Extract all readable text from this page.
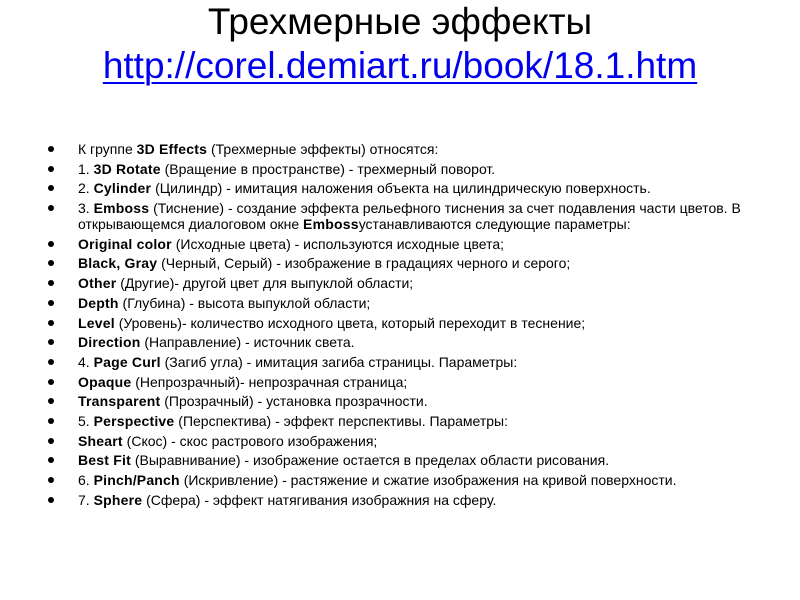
Трехмерные эффекты
http://corel.demiart.ru/book/18.1.htm
К группе 3D Effects (Трехмерные эффекты) относятся:
1. 3D Rotate (Вращение в пространстве) - трехмерный поворот.
2. Cylinder (Цилиндр) - имитация наложения объекта на цилиндрическую поверхность.
3. Emboss (Тиснение) - создание эффекта рельефного тиснения за счет подавления части цветов. В открывающемся диалоговом окне Embossустанавливаются следующие параметры:
Original color (Исходные цвета) - используются исходные цвета;
Black, Gray (Черный, Серый) - изображение в градациях черного и серого;
Other (Другие)- другой цвет для выпуклой области;
Depth (Глубина) - высота выпуклой области;
Level (Уровень)- количество исходного цвета, который переходит в теснение;
Direction (Направление) - источник света.
4. Page Curl (Загиб угла) - имитация загиба страницы. Параметры:
Opaque (Непрозрачный)- непрозрачная страница;
Transparent (Прозрачный) - установка прозрачности.
5. Perspective (Перспектива) - эффект перспективы. Параметры:
Sheart (Скос) - скос растрового изображения;
Best Fit (Выравнивание) - изображение остается в пределах области рисования.
6. Pinch/Panch (Искривление) - растяжение и сжатие изображения на кривой поверхности.
7. Sphere (Сфера) - эффект натягивания изображния на сферу.
